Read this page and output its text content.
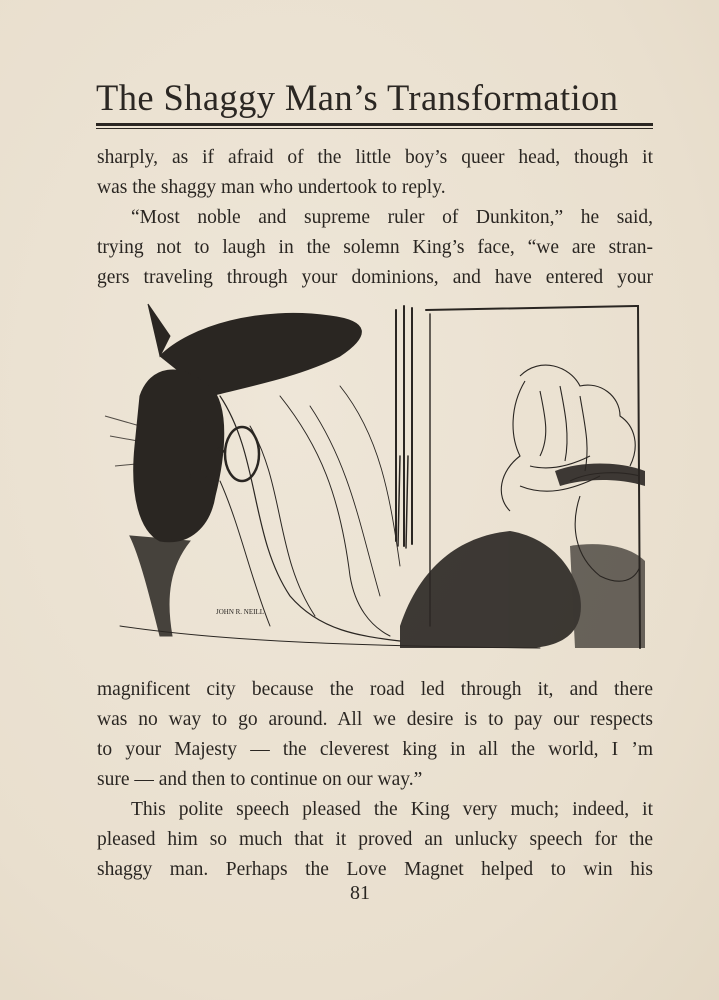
The Shaggy Man’s Transformation
sharply, as if afraid of the little boy’s queer head, though it
was the shaggy man who undertook to reply.
“Most noble and supreme ruler of Dunkiton,” he said,
trying not to laugh in the solemn King’s face, “we are stran-
gers traveling through your dominions, and have entered your
JOHN R. NEILL
magnificent city because the road led through it, and there
was no way to go around. All we desire is to pay our respects
to your Majesty — the cleverest king in all the world, I ’m
sure — and then to continue on our way.”
This polite speech pleased the King very much; indeed, it
pleased him so much that it proved an unlucky speech for the
shaggy man. Perhaps the Love Magnet helped to win his
81
